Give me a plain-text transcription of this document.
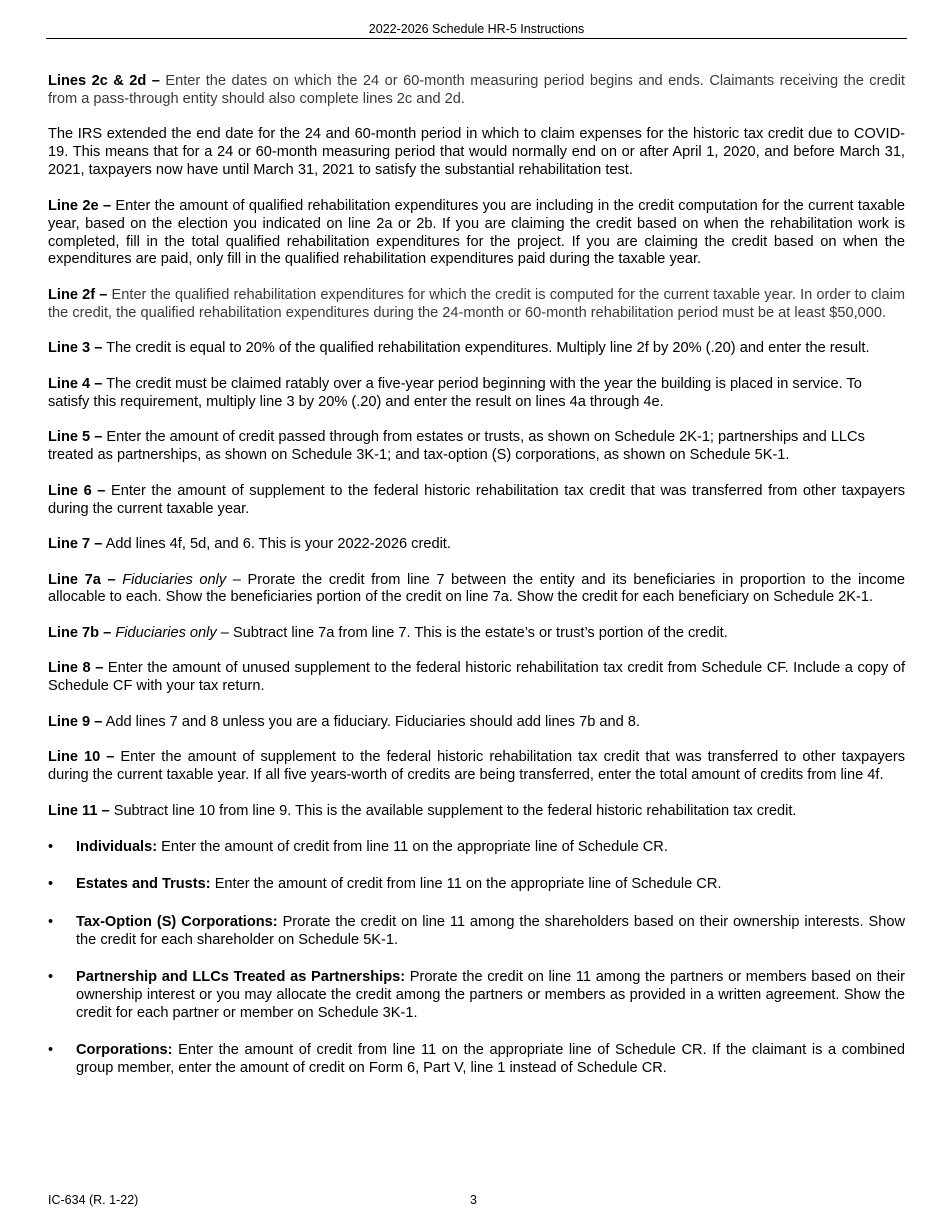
2022-2026 Schedule HR-5 Instructions

Lines 2c & 2d – Enter the dates on which the 24 or 60-month measuring period begins and ends. Claimants receiving the credit from a pass-through entity should also complete lines 2c and 2d.

The IRS extended the end date for the 24 and 60-month period in which to claim expenses for the historic tax credit due to COVID-19. This means that for a 24 or 60-month measuring period that would normally end on or after April 1, 2020, and before March 31, 2021, taxpayers now have until March 31, 2021 to satisfy the substantial rehabilitation test.

Line 2e – Enter the amount of qualified rehabilitation expenditures you are including in the credit computation for the current taxable year, based on the election you indicated on line 2a or 2b. If you are claiming the credit based on when the rehabilitation work is completed, fill in the total qualified rehabilitation expenditures for the project. If you are claiming the credit based on when the expenditures are paid, only fill in the qualified rehabilitation expenditures paid during the taxable year.

Line 2f – Enter the qualified rehabilitation expenditures for which the credit is computed for the current taxable year. In order to claim the credit, the qualified rehabilitation expenditures during the 24-month or 60-month rehabilitation period must be at least $50,000.

Line 3 – The credit is equal to 20% of the qualified rehabilitation expenditures. Multiply line 2f by 20% (.20) and enter the result.

Line 4 – The credit must be claimed ratably over a five-year period beginning with the year the building is placed in service. To satisfy this requirement, multiply line 3 by 20% (.20) and enter the result on lines 4a through 4e.

Line 5 – Enter the amount of credit passed through from estates or trusts, as shown on Schedule 2K-1; partnerships and LLCs treated as partnerships, as shown on Schedule 3K-1; and tax-option (S) corporations, as shown on Schedule 5K-1.

Line 6 – Enter the amount of supplement to the federal historic rehabilitation tax credit that was transferred from other taxpayers during the current taxable year.

Line 7 – Add lines 4f, 5d, and 6. This is your 2022-2026 credit.

Line 7a – Fiduciaries only – Prorate the credit from line 7 between the entity and its beneficiaries in proportion to the income allocable to each. Show the beneficiaries portion of the credit on line 7a. Show the credit for each beneficiary on Schedule 2K-1.

Line 7b – Fiduciaries only – Subtract line 7a from line 7. This is the estate’s or trust’s portion of the credit.

Line 8 – Enter the amount of unused supplement to the federal historic rehabilitation tax credit from Schedule CF. Include a copy of Schedule CF with your tax return.

Line 9 – Add lines 7 and 8 unless you are a fiduciary. Fiduciaries should add lines 7b and 8.

Line 10 – Enter the amount of supplement to the federal historic rehabilitation tax credit that was transferred to other taxpayers during the current taxable year. If all five years-worth of credits are being transferred, enter the total amount of credits from line 4f.

Line 11 – Subtract line 10 from line 9. This is the available supplement to the federal historic rehabilitation tax credit.

• Individuals: Enter the amount of credit from line 11 on the appropriate line of Schedule CR.
• Estates and Trusts: Enter the amount of credit from line 11 on the appropriate line of Schedule CR.
• Tax-Option (S) Corporations: Prorate the credit on line 11 among the shareholders based on their ownership interests. Show the credit for each shareholder on Schedule 5K-1.
• Partnership and LLCs Treated as Partnerships: Prorate the credit on line 11 among the partners or members based on their ownership interest or you may allocate the credit among the partners or members as provided in a written agreement. Show the credit for each partner or member on Schedule 3K-1.
• Corporations: Enter the amount of credit from line 11 on the appropriate line of Schedule CR. If the claimant is a combined group member, enter the amount of credit on Form 6, Part V, line 1 instead of Schedule CR.
IC-634 (R. 1-22)	3
